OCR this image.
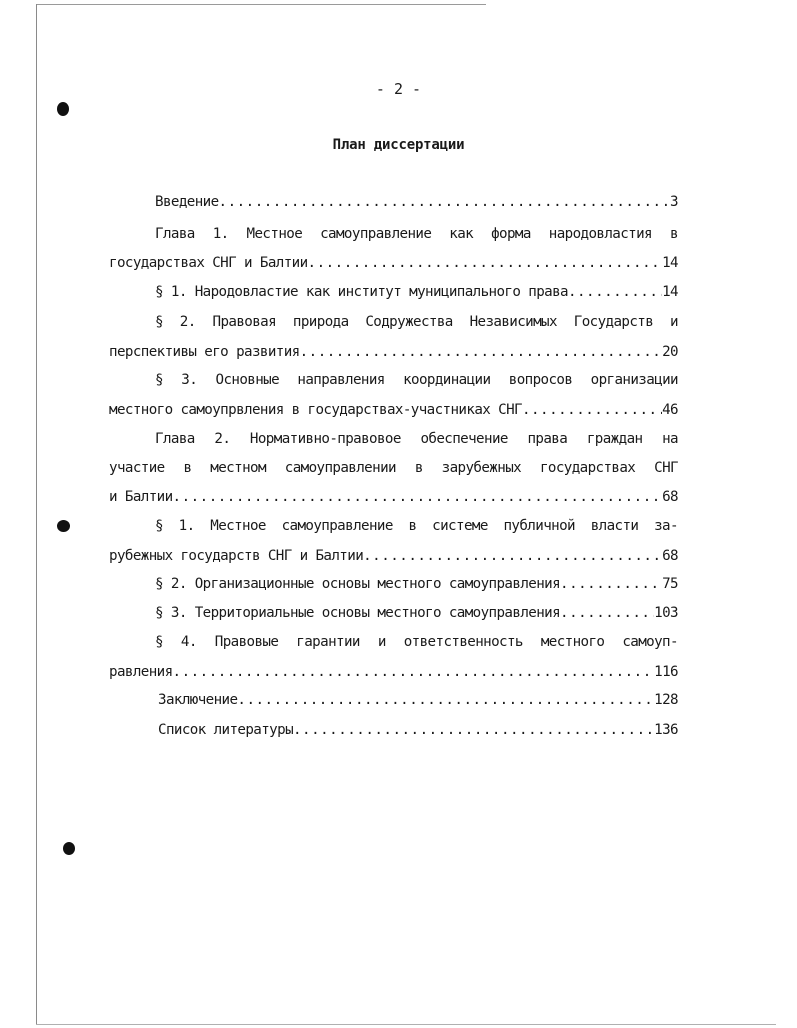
- 2 -
План диссертации
Введение .....	3
Глава 1. Местное самоуправление как форма народовластия в
государствах СНГ и Балтии .....	14
§ 1. Народовластие как институт муниципального права .....	14
§ 2. Правовая природа Содружества Независимых Государств и
перспективы его развития .....	20
§ 3. Основные направления координации вопросов организации
местного самоупрвления в государствах-участниках СНГ .....	46
Глава 2. Нормативно-правовое обеспечение права граждан на
участие в местном самоуправлении в зарубежных государствах СНГ
и Балтии .....	68
§ 1. Местное самоуправление в системе публичной власти за-
рубежных государств СНГ и Балтии .....	68
§ 2. Организационные основы местного самоуправления .....	75
§ 3. Территориальные основы местного самоуправления .....	103
§ 4. Правовые гарантии и ответственность местного самоуп-
равления .....	116
Заключение .....	128
Список литературы .....	136
